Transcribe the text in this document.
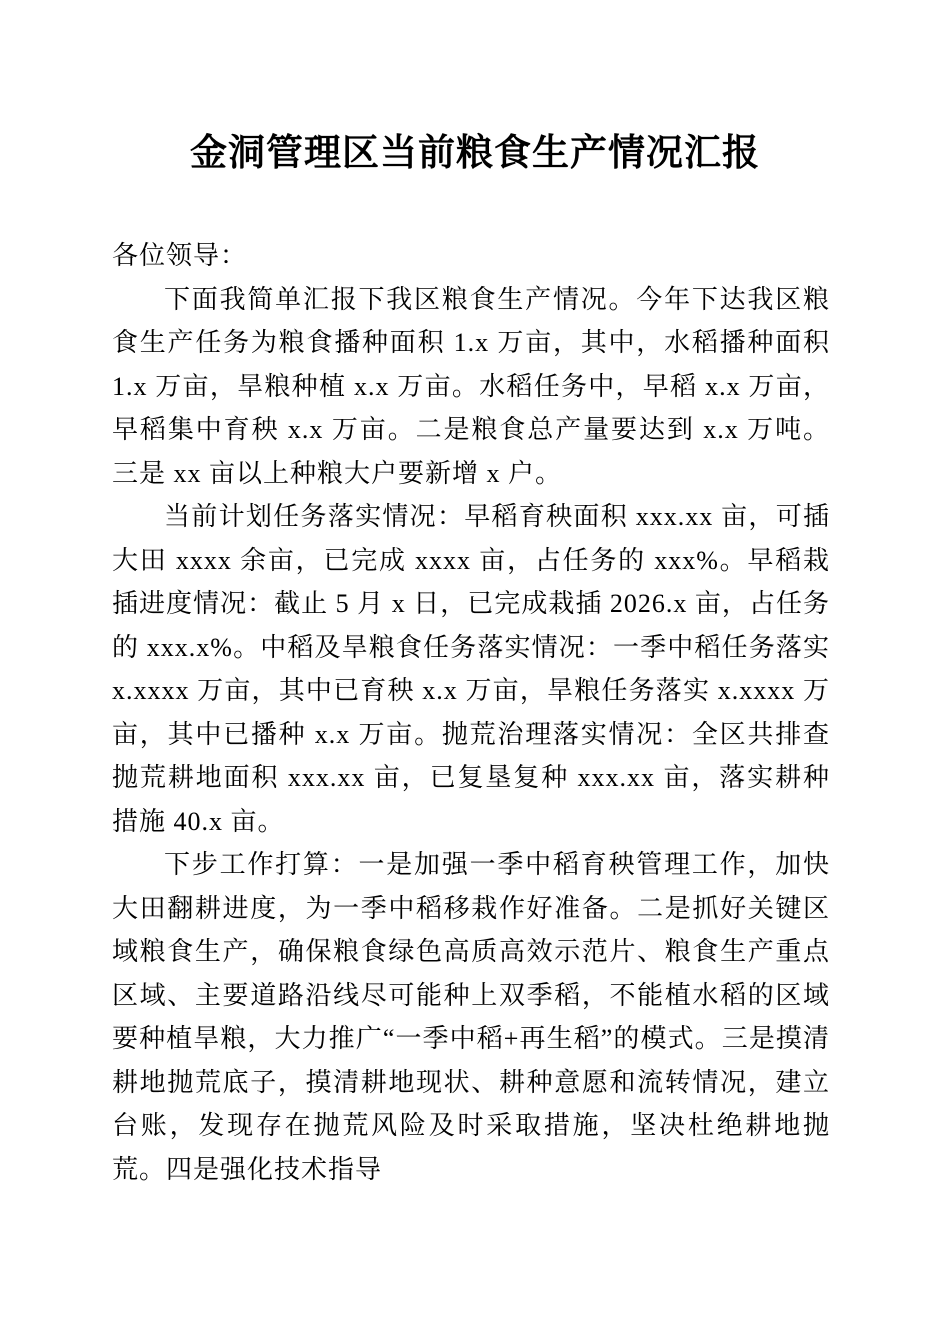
金洞管理区当前粮食生产情况汇报

各位领导：

下面我简单汇报下我区粮食生产情况。今年下达我区粮食生产任务为粮食播种面积 1.x 万亩，其中，水稻播种面积 1.x 万亩，旱粮种植 x.x 万亩。水稻任务中，早稻 x.x 万亩，早稻集中育秧 x.x 万亩。二是粮食总产量要达到 x.x 万吨。三是 xx 亩以上种粮大户要新增 x 户。

当前计划任务落实情况：早稻育秧面积 xxx.xx 亩，可插大田 xxxx 余亩，已完成 xxxx 亩，占任务的 xxx%。早稻栽插进度情况：截止 5 月 x 日，已完成栽插 2026.x 亩，占任务的 xxx.x%。中稻及旱粮食任务落实情况：一季中稻任务落实 x.xxxx 万亩，其中已育秧 x.x 万亩，旱粮任务落实 x.xxxx 万亩，其中已播种 x.x 万亩。抛荒治理落实情况：全区共排查抛荒耕地面积 xxx.xx 亩，已复垦复种 xxx.xx 亩，落实耕种措施 40.x 亩。

下步工作打算：一是加强一季中稻育秧管理工作，加快大田翻耕进度，为一季中稻移栽作好准备。二是抓好关键区域粮食生产，确保粮食绿色高质高效示范片、粮食生产重点区域、主要道路沿线尽可能种上双季稻，不能植水稻的区域要种植旱粮，大力推广“一季中稻+再生稻”的模式。三是摸清耕地抛荒底子，摸清耕地现状、耕种意愿和流转情况，建立台账，发现存在抛荒风险及时采取措施，坚决杜绝耕地抛荒。四是强化技术指导
